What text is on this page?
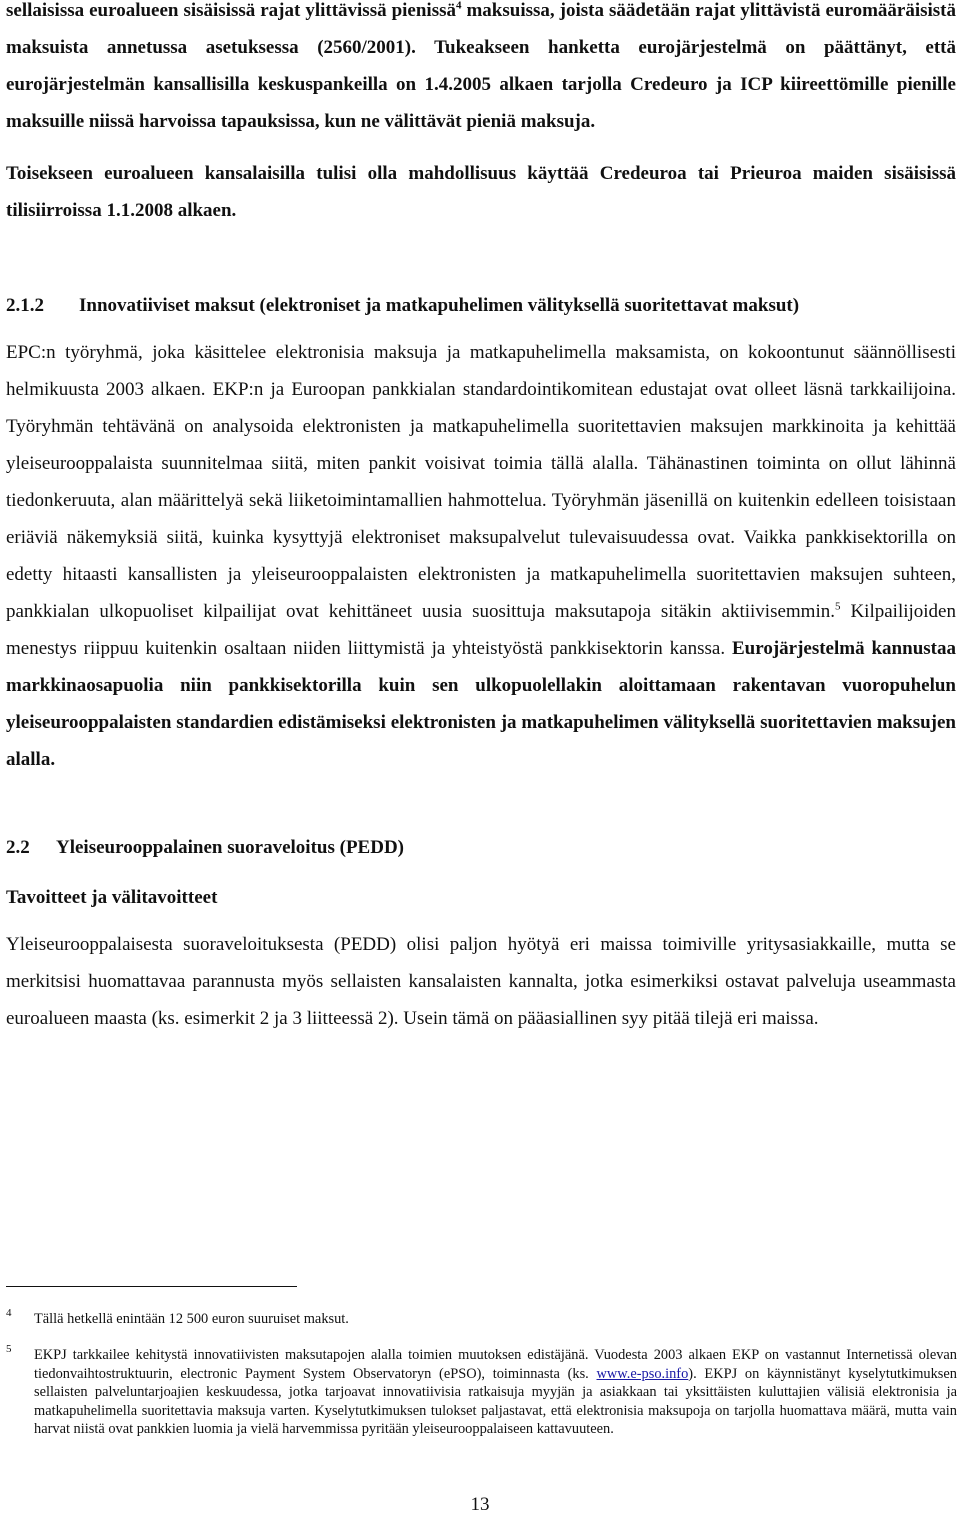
sellaisissa euroalueen sisäisissä rajat ylittävissä pienissä$^4$ maksuissa, joista säädetään rajat ylittävistä euromääräisistä maksuista annetussa asetuksessa (2560/2001). Tukeakseen hanketta eurojärjestelmä on päättänyt, että eurojärjestelmän kansallisilla keskuspankeilla on 1.4.2005 alkaen tarjolla Credeuro ja ICP kiireettömille pienille maksuille niissä harvoissa tapauksissa, kun ne välittävät pieniä maksuja.

Toisekseen euroalueen kansalaisilla tulisi olla mahdollisuus käyttää Credeuroa tai Prieuroa maiden sisäisissä tilisiirroissa 1.1.2008 alkaen.

2.1.2 Innovatiiviset maksut (elektroniset ja matkapuhelimen välityksellä suoritettavat maksut)

EPC:n työryhmä, joka käsittelee elektronisia maksuja ja matkapuhelimella maksamista, on kokoontunut säännöllisesti helmikuusta 2003 alkaen. EKP:n ja Euroopan pankkialan standardointikomitean edustajat ovat olleet läsnä tarkkailijoina. Työryhmän tehtävänä on analysoida elektronisten ja matkapuhelimella suoritettavien maksujen markkinoita ja kehittää yleiseurooppalaista suunnitelmaa siitä, miten pankit voisivat toimia tällä alalla. Tähänastinen toiminta on ollut lähinnä tiedonkeruuta, alan määrittelyä sekä liiketoimintamallien hahmottelua. Työryhmän jäsenillä on kuitenkin edelleen toisistaan eriäviä näkemyksiä siitä, kuinka kysyttyjä elektroniset maksupalvelut tulevaisuudessa ovat. Vaikka pankkisektorilla on edetty hitaasti kansallisten ja yleiseurooppalaisten elektronisten ja matkapuhelimella suoritettavien maksujen suhteen, pankkialan ulkopuoliset kilpailijat ovat kehittäneet uusia suosittuja maksutapoja sitäkin aktiivisemmin.$^5$ Kilpailijoiden menestys riippuu kuitenkin osaltaan niiden liittymistä ja yhteistyöstä pankkisektorin kanssa. Eurojärjestelmä kannustaa markkinaosapuolia niin pankkisektorilla kuin sen ulkopuolellakin aloittamaan rakentavan vuoropuhelun yleiseurooppalaisten standardien edistämiseksi elektronisten ja matkapuhelimen välityksellä suoritettavien maksujen alalla.

2.2 Yleiseurooppalainen suoraveloitus (PEDD)

Tavoitteet ja välitavoitteet

Yleiseurooppalaisesta suoraveloituksesta (PEDD) olisi paljon hyötyä eri maissa toimiville yritysasiakkaille, mutta se merkitsisi huomattavaa parannusta myös sellaisten kansalaisten kannalta, jotka esimerkiksi ostavat palveluja useammasta euroalueen maasta (ks. esimerkit 2 ja 3 liitteessä 2). Usein tämä on pääasiallinen syy pitää tilejä eri maissa.

4 Tällä hetkellä enintään 12 500 euron suuruiset maksut.
5 EKPJ tarkkailee kehitystä innovatiivisten maksutapojen alalla toimien muutoksen edistäjänä. Vuodesta 2003 alkaen EKP on vastannut Internetissä olevan tiedonvaihtostruktuurin, electronic Payment System Observatoryn (ePSO), toiminnasta (ks. www.e-pso.info). EKPJ on käynnistänyt kyselytutkimuksen sellaisten palveluntarjoajien keskuudessa, jotka tarjoavat innovatiivisia ratkaisuja myyjän ja asiakkaan tai yksittäisten kuluttajien välisiä elektronisia ja matkapuhelimella suoritettavia maksuja varten. Kyselytutkimuksen tulokset paljastavat, että elektronisia maksupoja on tarjolla huomattava määrä, mutta vain harvat niistä ovat pankkien luomia ja vielä harvemmissa pyritään yleiseurooppalaiseen kattavuuteen.
13
